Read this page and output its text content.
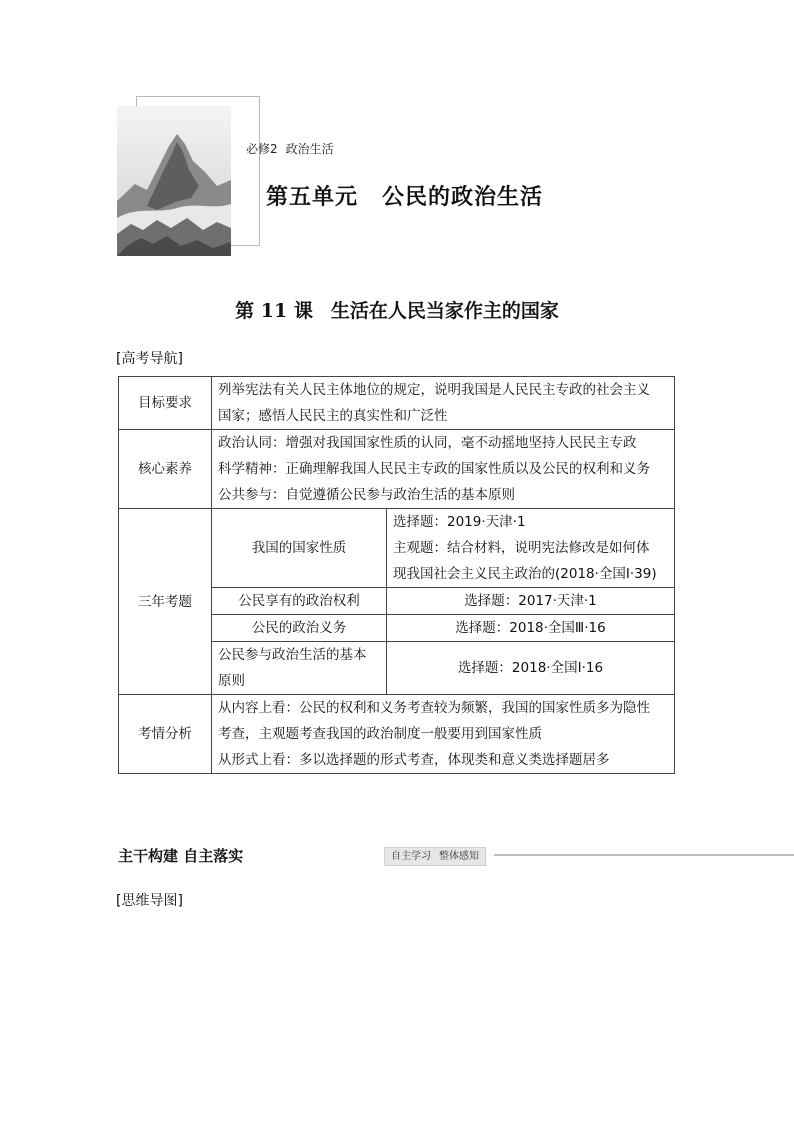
必修2 政治生活
第五单元 公民的政治生活
第 11 课 生活在人民当家作主的国家
[高考导航]
目标要求	列举宪法有关人民主体地位的规定，说明我国是人民民主专政的社会主义
国家；感悟人民民主的真实性和广泛性	

核心素养	政治认同：增强对我国国家性质的认同，毫不动摇地坚持人民民主专政
科学精神：正确理解我国人民民主专政的国家性质以及公民的权利和义务
公共参与：自觉遵循公民参与政治生活的基本原则	

三年考题	我国的国家性质	选择题：2019·天津·1
主观题：结合材料，说明宪法修改是如何体
现我国社会主义民主政治的(2018·全国Ⅰ·39)

	公民享有的政治权利	选择题：2017·天津·1
	公民的政治义务	选择题：2018·全国Ⅲ·16

	公民参与政治生活的基本
原则	选择题：2018·全国Ⅰ·16
考情分析	从内容上看：公民的权利和义务考查较为频繁，我国的国家性质多为隐性
考查，主观题考查我国的政治制度一般要用到国家性质
从形式上看：多以选择题的形式考查，体现类和意义类选择题居多	
主干构建 自主落实	自主学习 整体感知
[思维导图]
